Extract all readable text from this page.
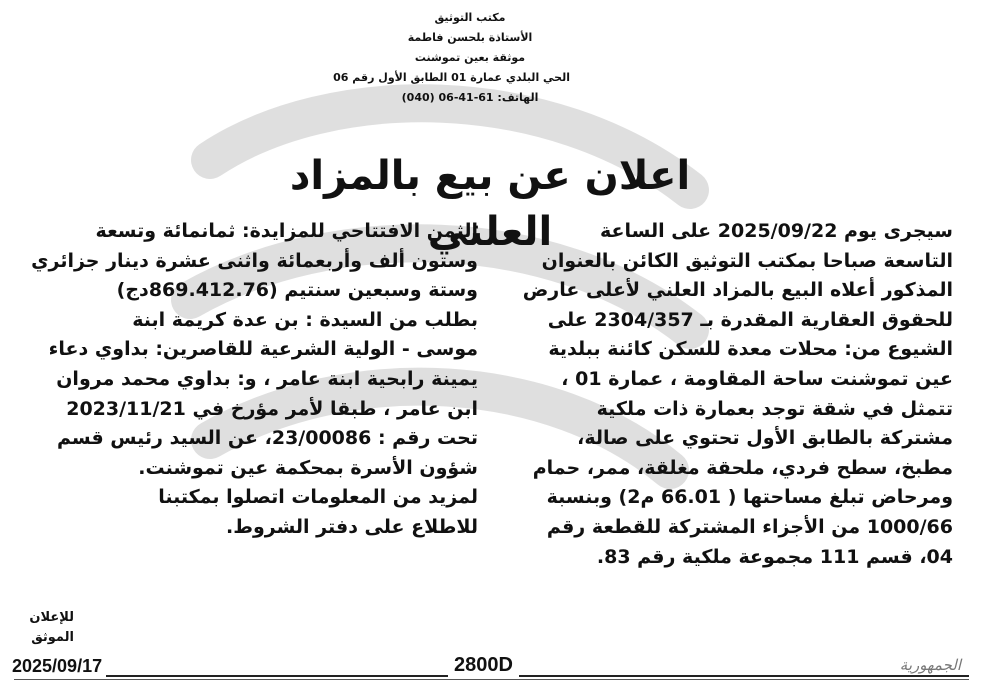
مكتب التوثيق
الأستاذة بلحسن فاطمة
موثقة بعين تموشنت
الحي البلدي عمارة 01 الطابق الأول رقم 06
الهاتف: 61-41-06 (040)
اعلان عن بيع بالمزاد العلني	سيجرى يوم 2025/09/22 على الساعة
التاسعة صباحا بمكتب التوثيق الكائن بالعنوان
المذكور أعلاه البيع بالمزاد العلني لأعلى عارض
للحقوق العقارية المقدرة بـ 2304/357 على
الشيوع من: محلات معدة للسكن كائنة ببلدية
عين تموشنت ساحة المقاومة ، عمارة 01 ،
تتمثل في شقة توجد بعمارة ذات ملكية
مشتركة بالطابق الأول تحتوي على صالة،
مطبخ، سطح فردي، ملحقة مغلقة، ممر، حمام
ومرحاض تبلغ مساحتها ( 66.01 م2) وبنسبة
1000/66 من الأجزاء المشتركة للقطعة رقم
04، قسم 111 مجموعة ملكية رقم 83.
الثمن الافتتاحي للمزايدة: ثمانمائة وتسعة
وستون ألف وأربعمائة واثنى عشرة دينار جزائري
وستة وسبعين سنتيم (869.412.76دج)
بطلب من السيدة : بن عدة كريمة ابنة
موسى - الولية الشرعية للقاصرين: بداوي دعاء
يمينة رابحية ابنة عامر ، و: بداوي محمد مروان
ابن عامر ، طبقا لأمر مؤرخ في 2023/11/21
تحت رقم : 23/00086، عن السيد رئيس قسم
شؤون الأسرة بمحكمة عين تموشنت.
لمزيد من المعلومات اتصلوا بمكتبنا
للاطلاع على دفتر الشروط.
للإعلان
الموثق
2025/09/17	2800D	الجمهورية
